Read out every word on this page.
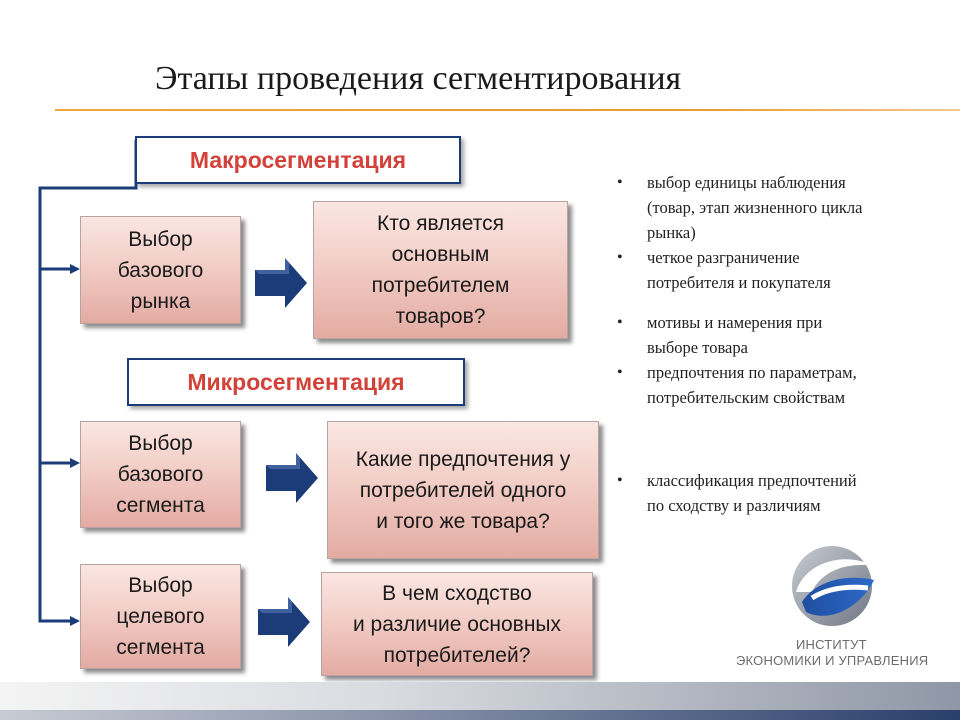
Этапы проведения сегментирования
Макросегментация
Выбор
базового
рынка
Кто является
основным
потребителем
товаров?
Микросегментация
Выбор
базового
сегмента
Какие предпочтения у
потребителей одного
и того же товара?
Выбор
целевого
сегмента
В чем сходство
и различие основных
потребителей?
• выбор единицы наблюдения
(товар, этап жизненного цикла
рынка)
• четкое разграничение
потребителя и покупателя
• мотивы и намерения при
выборе товара
• предпочтения по параметрам,
потребительским свойствам
• классификация предпочтений
по сходству и различиям
ИНСТИТУТ
ЭКОНОМИКИ И УПРАВЛЕНИЯ
